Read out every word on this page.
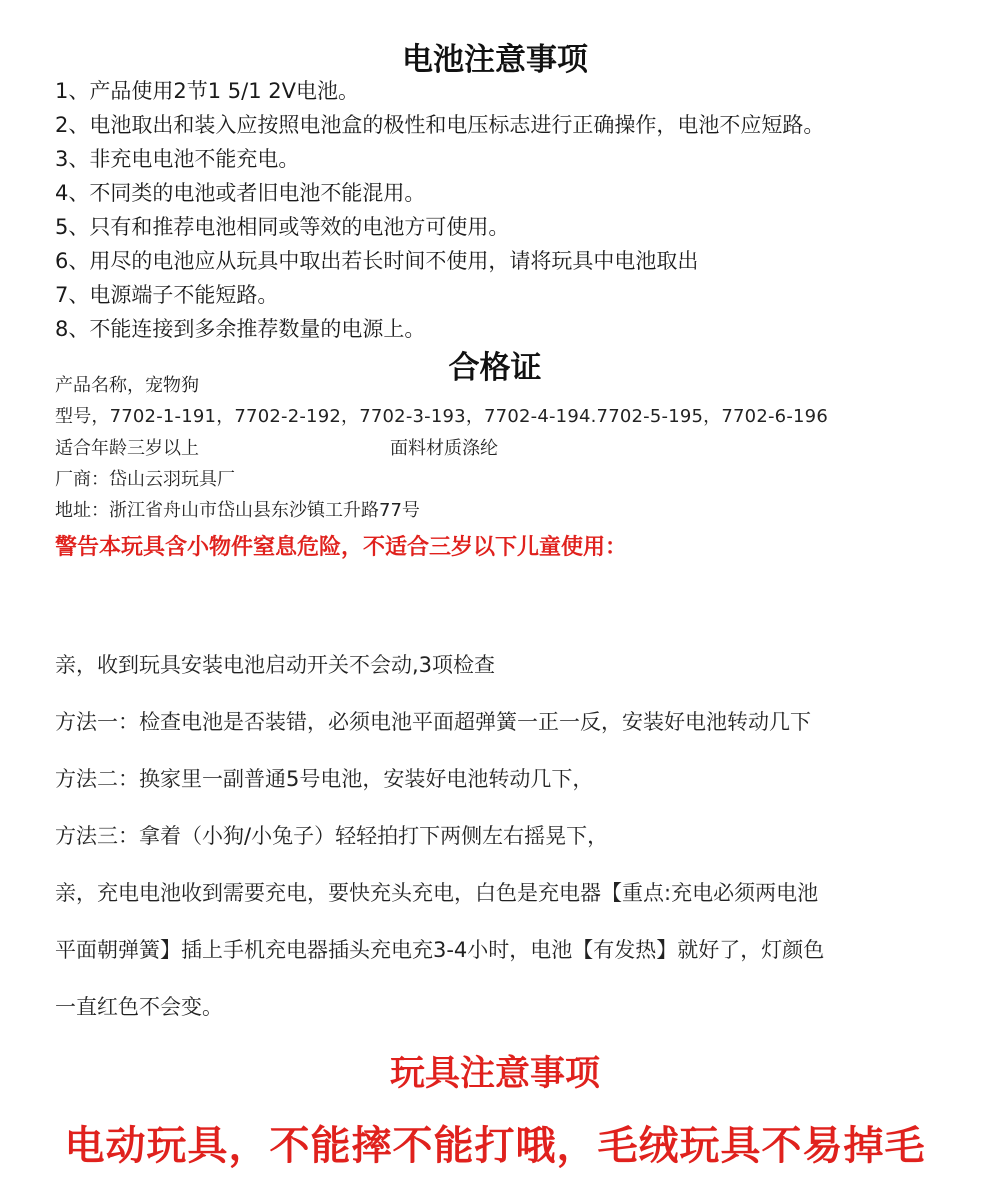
电池注意事项
1、产品使用2节1 5/1 2V电池。
2、电池取出和装入应按照电池盒的极性和电压标志进行正确操作，电池不应短路。
3、非充电电池不能充电。
4、不同类的电池或者旧电池不能混用。
5、只有和推荐电池相同或等效的电池方可使用。
6、用尽的电池应从玩具中取出若长时间不使用，请将玩具中电池取出
7、电源端子不能短路。
8、不能连接到多余推荐数量的电源上。
合格证
产品名称，宠物狗
型号，7702-1-191，7702-2-192，7702-3-193，7702-4-194.7702-5-195，7702-6-196
适合年龄三岁以上	面料材质涤纶
厂商：岱山云羽玩具厂
地址：浙江省舟山市岱山县东沙镇工升路77号
警告本玩具含小物件窒息危险，不适合三岁以下儿童使用：
亲，收到玩具安装电池启动开关不会动,3项检查
方法一：检查电池是否装错，必须电池平面超弹簧一正一反，安装好电池转动几下
方法二：换家里一副普通5号电池，安装好电池转动几下，
方法三：拿着（小狗/小兔子）轻轻拍打下两侧左右摇晃下，
亲，充电电池收到需要充电，要快充头充电，白色是充电器【重点:充电必须两电池
平面朝弹簧】插上手机充电器插头充电充3-4小时，电池【有发热】就好了，灯颜色
一直红色不会变。
玩具注意事项
电动玩具，不能摔不能打哦，毛绒玩具不易掉毛
